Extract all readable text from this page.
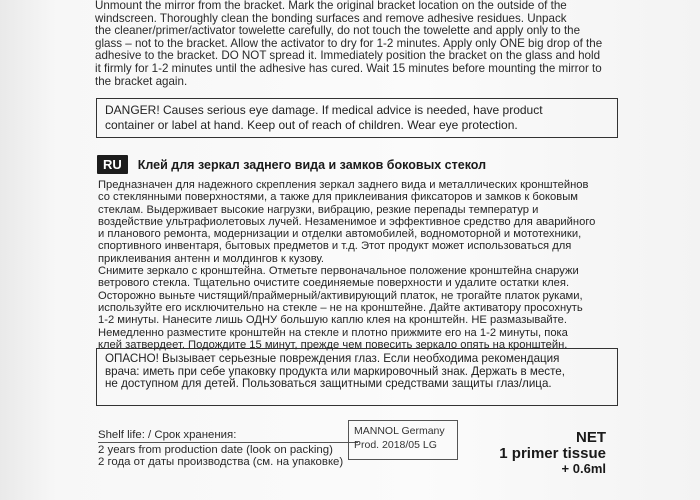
Unmount the mirror from the bracket. Mark the original bracket location on the outside of the
windscreen. Thoroughly clean the bonding surfaces and remove adhesive residues. Unpack
the cleaner/primer/activator towelette carefully, do not touch the towelette and apply only to the
glass – not to the bracket. Allow the activator to dry for 1-2 minutes. Apply only ONE big drop of the
adhesive to the bracket. DO NOT spread it. Immediately position the bracket on the glass and hold
it firmly for 1-2 minutes until the adhesive has cured. Wait 15 minutes before mounting the mirror to
the bracket again.
DANGER! Causes serious eye damage. If medical advice is needed, have product
container or label at hand. Keep out of reach of children. Wear eye protection.
RU	Клей для зеркал заднего вида и замков боковых стекол
Предназначен для надежного скрепления зеркал заднего вида и металлических кронштейнов
со стеклянными поверхностями, а также для приклеивания фиксаторов и замков к боковым
стеклам. Выдерживает высокие нагрузки, вибрацию, резкие перепады температур и
воздействие ультрафиолетовых лучей. Незаменимое и эффективное средство для аварийного
и планового ремонта, модернизации и отделки автомобилей, водномоторной и мототехники,
спортивного инвентаря, бытовых предметов и т.д. Этот продукт может использоваться для
приклеивания антенн и молдингов к кузову.
Снимите зеркало с кронштейна. Отметьте первоначальное положение кронштейна снаружи
ветрового стекла. Тщательно очистите соединяемые поверхности и удалите остатки клея.
Осторожно выньте чистящий/праймерный/активирующий платок, не трогайте платок руками,
используйте его исключительно на стекле – не на кронштейне. Дайте активатору просохнуть
1-2 минуты. Нанесите лишь ОДНУ большую каплю клея на кронштейн. НЕ размазывайте.
Немедленно разместите кронштейн на стекле и плотно прижмите его на 1-2 минуты, пока
клей затвердеет. Подождите 15 минут, прежде чем повесить зеркало опять на кронштейн.
ОПАСНО! Вызывает серьезные повреждения глаз. Если необходима рекомендация
врача: иметь при себе упаковку продукта или маркировочный знак. Держать в месте,
не доступном для детей. Пользоваться защитными средствами защиты глаз/лица.
Shelf life: / Срок хранения:
2 years from production date (look on packing)
2 года от даты производства (см. на упаковке)
MANNOL Germany
Prod. 2018/05 LG	NET
1 primer tissue
+ 0.6ml
